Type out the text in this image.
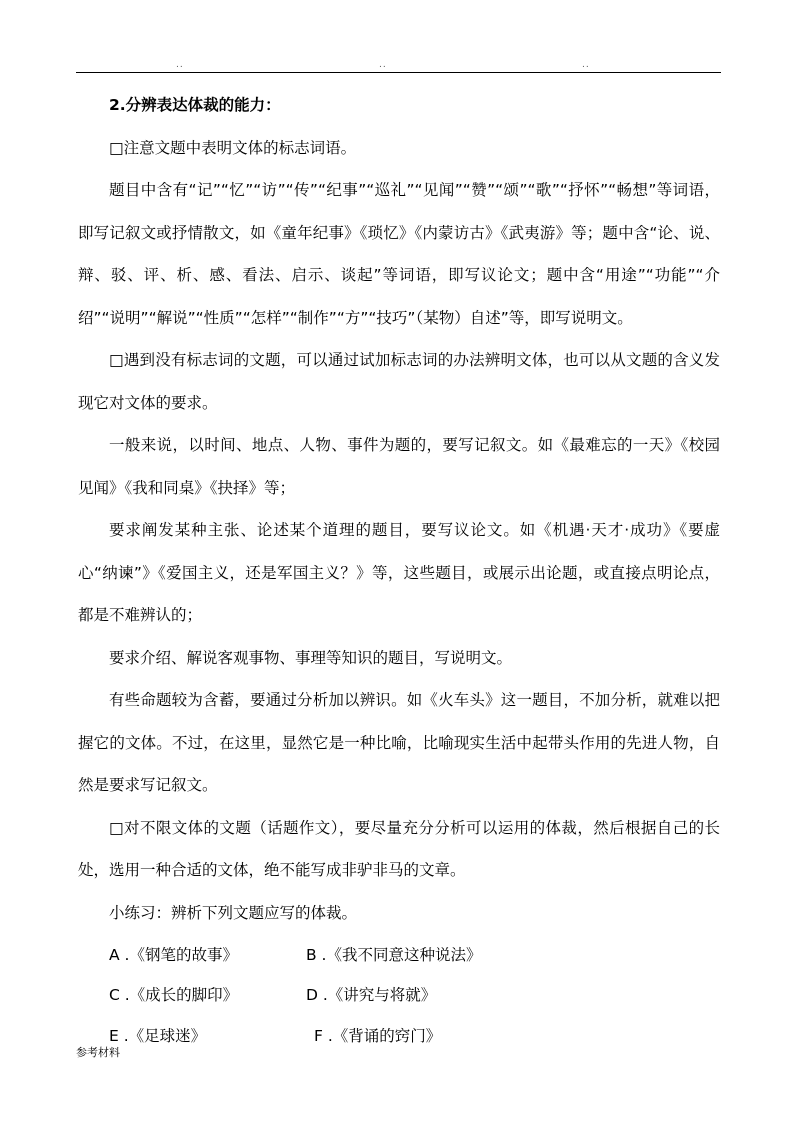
..	..	..

2.分辨表达体裁的能力：

□注意文题中表明文体的标志词语。

题目中含有“记”“忆”“访”“传”“纪事”“巡礼”“见闻”“赞”“颂”“歌”“抒怀”“畅想”等词语，即写记叙文或抒情散文，如《童年纪事》《琐忆》《内蒙访古》《武夷游》等；题中含“论、说、辩、驳、评、析、感、看法、启示、谈起”等词语，即写议论文；题中含“用途”“功能”“介绍”“说明”“解说”“性质”“怎样”“制作”“方”“技巧”（某物）自述”等，即写说明文。

□遇到没有标志词的文题，可以通过试加标志词的办法辨明文体，也可以从文题的含义发现它对文体的要求。

一般来说，以时间、地点、人物、事件为题的，要写记叙文。如《最难忘的一天》《校园见闻》《我和同桌》《抉择》等；

要求阐发某种主张、论述某个道理的题目，要写议论文。如《机遇·天才·成功》《要虚心“纳谏”》《爱国主义，还是军国主义？》等，这些题目，或展示出论题，或直接点明论点，都是不难辨认的；

要求介绍、解说客观事物、事理等知识的题目，写说明文。

有些命题较为含蓄，要通过分析加以辨识。如《火车头》这一题目，不加分析，就难以把握它的文体。不过，在这里，显然它是一种比喻，比喻现实生活中起带头作用的先进人物，自然是要求写记叙文。

□对不限文体的文题（话题作文），要尽量充分分析可以运用的体裁，然后根据自己的长处，选用一种合适的文体，绝不能写成非驴非马的文章。

小练习：辨析下列文题应写的体裁。

A .《钢笔的故事》	B .《我不同意这种说法》
C .《成长的脚印》	D .《讲究与将就》
E .《足球迷》	F .《背诵的窍门》
参考材料
